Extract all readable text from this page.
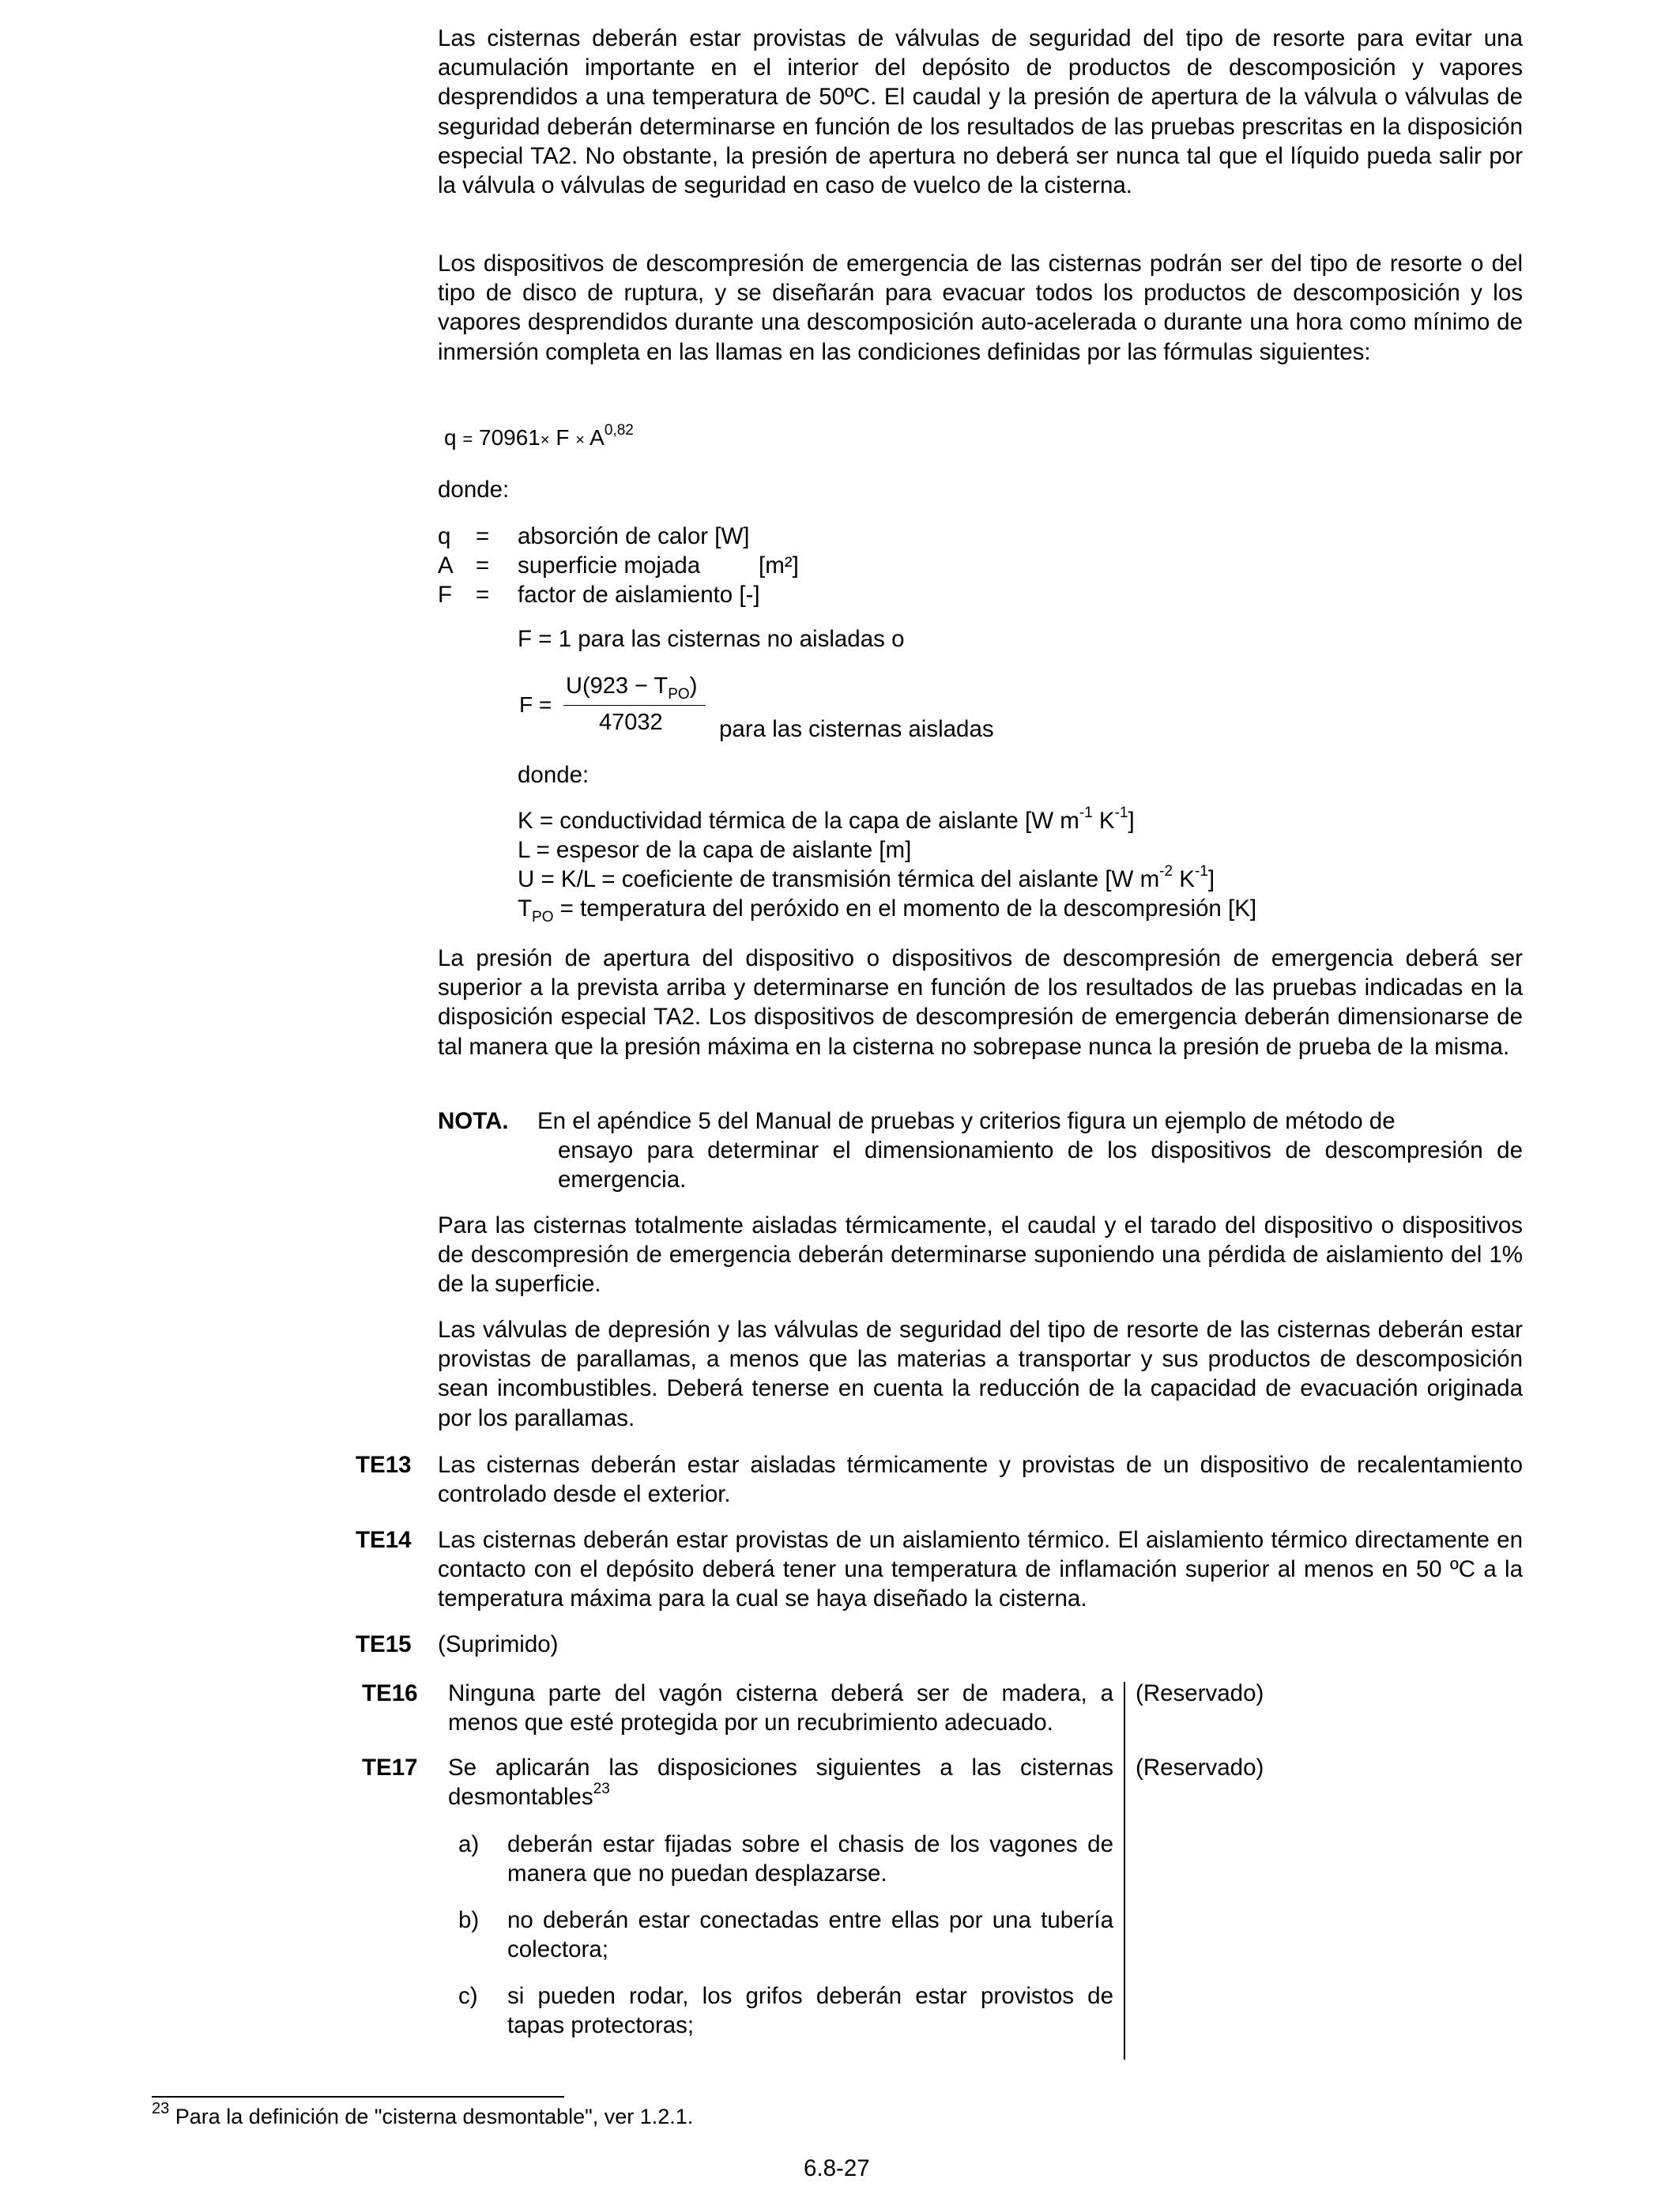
Las cisternas deberán estar provistas de válvulas de seguridad del tipo de resorte para evitar una acumulación importante en el interior del depósito de productos de descomposición y vapores desprendidos a una temperatura de 50ºC. El caudal y la presión de apertura de la válvula o válvulas de seguridad deberán determinarse en función de los resultados de las pruebas prescritas en la disposición especial TA2. No obstante, la presión de apertura no deberá ser nunca tal que el líquido pueda salir por la válvula o válvulas de seguridad en caso de vuelco de la cisterna.
Los dispositivos de descompresión de emergencia de las cisternas podrán ser del tipo de resorte o del tipo de disco de ruptura, y se diseñarán para evacuar todos los productos de descomposición y los vapores desprendidos durante una descomposición auto-acelerada o durante una hora como mínimo de inmersión completa en las llamas en las condiciones definidas por las fórmulas siguientes:
q = 70961× F × A$^{0,82}$
donde:
q = absorción de calor [W]
A = superficie mojada	[m²]
F = factor de aislamiento [-]
F = 1 para las cisternas no aisladas o
F =
$U(923 - T_{PO})$
47032 para las cisternas aisladas
donde:
K = conductividad térmica de la capa de aislante [W $m^{-1}$ $K^{-1}$]
L = espesor de la capa de aislante [m]
U = K/L = coeficiente de transmisión térmica del aislante [W $m^{-2}$ $K^{-1}$]
$T_{PO}$ = temperatura del peróxido en el momento de la descompresión [K]
La presión de apertura del dispositivo o dispositivos de descompresión de emergencia deberá ser superior a la prevista arriba y determinarse en función de los resultados de las pruebas indicadas en la disposición especial TA2. Los dispositivos de descompresión de emergencia deberán dimensionarse de tal manera que la presión máxima en la cisterna no sobrepase nunca la presión de prueba de la misma.
NOTA. En el apéndice 5 del Manual de pruebas y criterios figura un ejemplo de método de
ensayo para determinar el dimensionamiento de los dispositivos de descompresión de emergencia.
Para las cisternas totalmente aisladas térmicamente, el caudal y el tarado del dispositivo o dispositivos de descompresión de emergencia deberán determinarse suponiendo una pérdida de aislamiento del 1% de la superficie.
Las válvulas de depresión y las válvulas de seguridad del tipo de resorte de las cisternas deberán estar provistas de parallamas, a menos que las materias a transportar y sus productos de descomposición sean incombustibles. Deberá tenerse en cuenta la reducción de la capacidad de evacuación originada por los parallamas.
TE13 Las cisternas deberán estar aisladas térmicamente y provistas de un dispositivo de recalentamiento controlado desde el exterior.
TE14 Las cisternas deberán estar provistas de un aislamiento térmico. El aislamiento térmico directamente en contacto con el depósito deberá tener una temperatura de inflamación superior al menos en 50 ºC a la temperatura máxima para la cual se haya diseñado la cisterna.
TE15 (Suprimido)
TE16 Ninguna parte del vagón cisterna deberá ser de madera, a menos que esté protegida por un recubrimiento adecuado.
(Reservado)
TE17 Se aplicarán las disposiciones siguientes a las cisternas desmontables$^{23}$
(Reservado)
a) deberán estar fijadas sobre el chasis de los vagones de manera que no puedan desplazarse.
b) no deberán estar conectadas entre ellas por una tubería colectora;
c) si pueden rodar, los grifos deberán estar provistos de tapas protectoras;
$^{23}$ Para la definición de "cisterna desmontable", ver 1.2.1.
6.8-27
